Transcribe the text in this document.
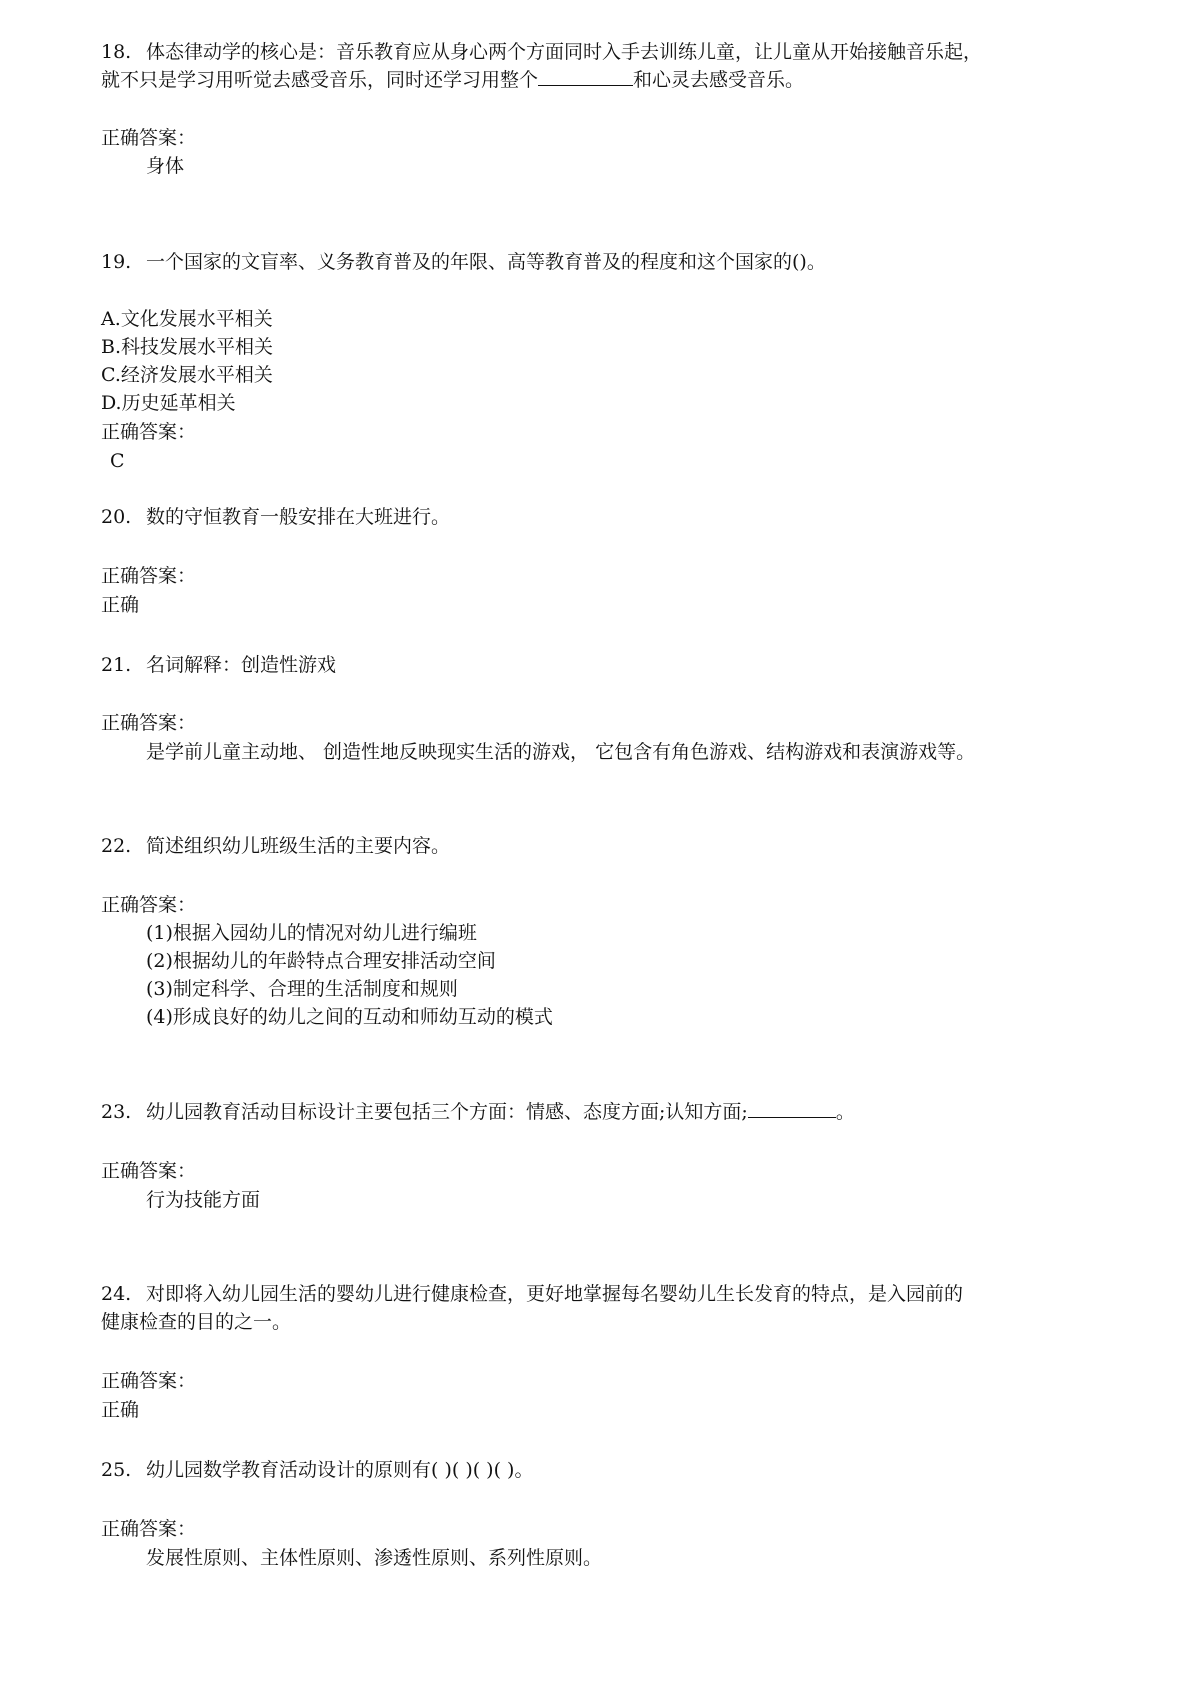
18. 体态律动学的核心是：音乐教育应从身心两个方面同时入手去训练儿童，让儿童从开始接触音乐起，
就不只是学习用听觉去感受音乐，同时还学习用整个	和心灵去感受音乐。
正确答案：
身体
19. 一个国家的文盲率、义务教育普及的年限、高等教育普及的程度和这个国家的()。
A.文化发展水平相关
B.科技发展水平相关
C.经济发展水平相关
D.历史延革相关
正确答案：
C
20. 数的守恒教育一般安排在大班进行。
正确答案：
正确
21. 名词解释：创造性游戏
正确答案：
是学前儿童主动地、 创造性地反映现实生活的游戏， 它包含有角色游戏、结构游戏和表演游戏等。
22. 简述组织幼儿班级生活的主要内容。
正确答案：
(1)根据入园幼儿的情况对幼儿进行编班
(2)根据幼儿的年龄特点合理安排活动空间
(3)制定科学、合理的生活制度和规则
(4)形成良好的幼儿之间的互动和师幼互动的模式
23. 幼儿园教育活动目标设计主要包括三个方面：情感、态度方面;认知方面;	。
正确答案：
行为技能方面
24. 对即将入幼儿园生活的婴幼儿进行健康检查，更好地掌握每名婴幼儿生长发育的特点，是入园前的
健康检查的目的之一。
正确答案：
正确
25. 幼儿园数学教育活动设计的原则有( )( )( )( )。
正确答案：
发展性原则、主体性原则、渗透性原则、系列性原则。
